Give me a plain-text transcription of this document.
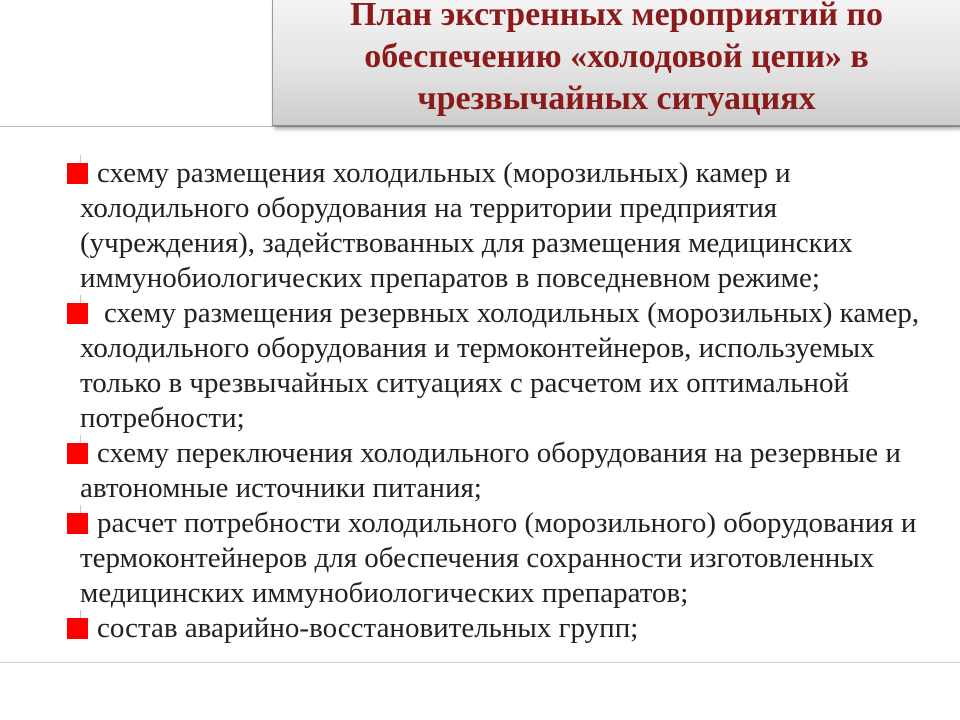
План экстренных мероприятий по
обеспечению «холодовой цепи» в
чрезвычайных ситуациях
схему размещения холодильных (морозильных) камер и
холодильного оборудования на территории предприятия
(учреждения), задействованных для размещения медицинских
иммунобиологических препаратов в повседневном режиме;
схему размещения резервных холодильных (морозильных) камер,
холодильного оборудования и термоконтейнеров, используемых
только в чрезвычайных ситуациях с расчетом их оптимальной
потребности;
схему переключения холодильного оборудования на резервные и
автономные источники питания;
расчет потребности холодильного (морозильного) оборудования и
термоконтейнеров для обеспечения сохранности изготовленных
медицинских иммунобиологических препаратов;
состав аварийно-восстановительных групп;
